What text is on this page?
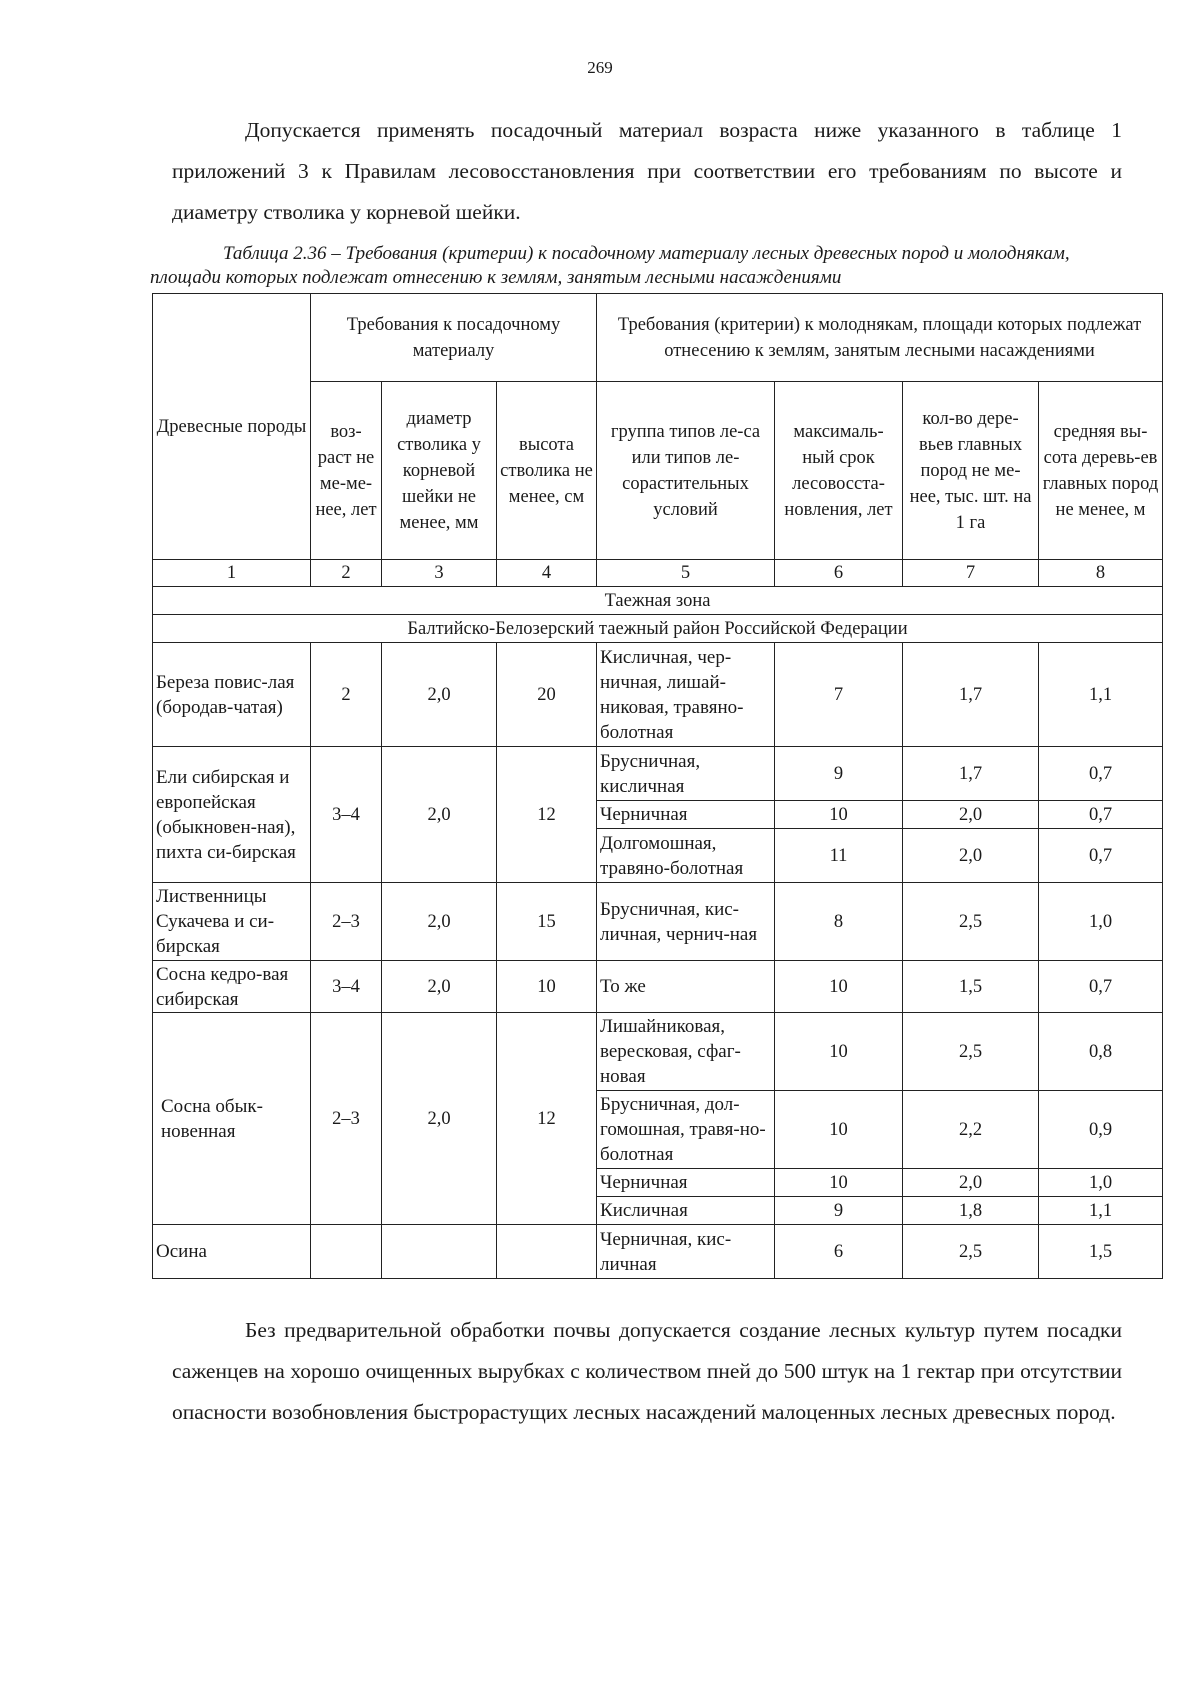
269

Допускается применять посадочный материал возраста ниже указанного в таблице 1 приложений 3 к Правилам лесовосстановления при соответствии его требованиям по высоте и диаметру стволика у корневой шейки.

Таблица 2.36 – Требования (критерии) к посадочному материалу лесных древесных пород и молоднякам, площади которых подлежат отнесению к землям, занятым лесными насаждениями

Древесные породы	Требования к посадочному материалу			Требования (критерии) к молоднякам, площади которых подлежат отнесению к землям, занятым лесными насаждениями			
	воз-раст не ме-ме-нее, лет	диаметр стволика у корневой шейки не менее, мм	высота стволика не менее, см	группа типов ле-са или типов ле-сорастительных условий	максималь-ный срок лесовосста-новления, лет	кол-во дере-вьев главных пород не ме-нее, тыс. шт. на 1 га	средняя вы-сота деревь-ев главных пород не менее, м
1	2	3	4	5	6	7	8
Таежная зона							
Балтийско-Белозерский таежный район Российской Федерации							
Береза повис-лая (бородав-чатая)	2	2,0	20	Кисличная, чер-ничная, лишай-никовая, травяно-болотная	7	1,7	1,1
Ели сибирская и европейская (обыкновен-ная), пихта си-бирская	3–4	2,0	12	Брусничная, кисличная	9	1,7	0,7
				Черничная	10	2,0	0,7
				Долгомошная, травяно-болотная	11	2,0	0,7
Лиственницы Сукачева и си-бирская	2–3	2,0	15	Брусничная, кис-личная, чернич-ная	8	2,5	1,0
Сосна кедро-вая сибирская	3–4	2,0	10	То же	10	1,5	0,7
Сосна обык-новенная	2–3	2,0	12	Лишайниковая, вересковая, сфаг-новая	10	2,5	0,8
				Брусничная, дол-гомошная, травя-но-болотная	10	2,2	0,9
				Черничная	10	2,0	1,0
				Кисличная	9	1,8	1,1
Осина				Черничная, кис-личная	6	2,5	1,5

Без предварительной обработки почвы допускается создание лесных культур путем посадки саженцев на хорошо очищенных вырубках с количеством пней до 500 штук на 1 гектар при отсутствии опасности возобновления быстрорастущих лесных насаждений малоценных лесных древесных пород.
